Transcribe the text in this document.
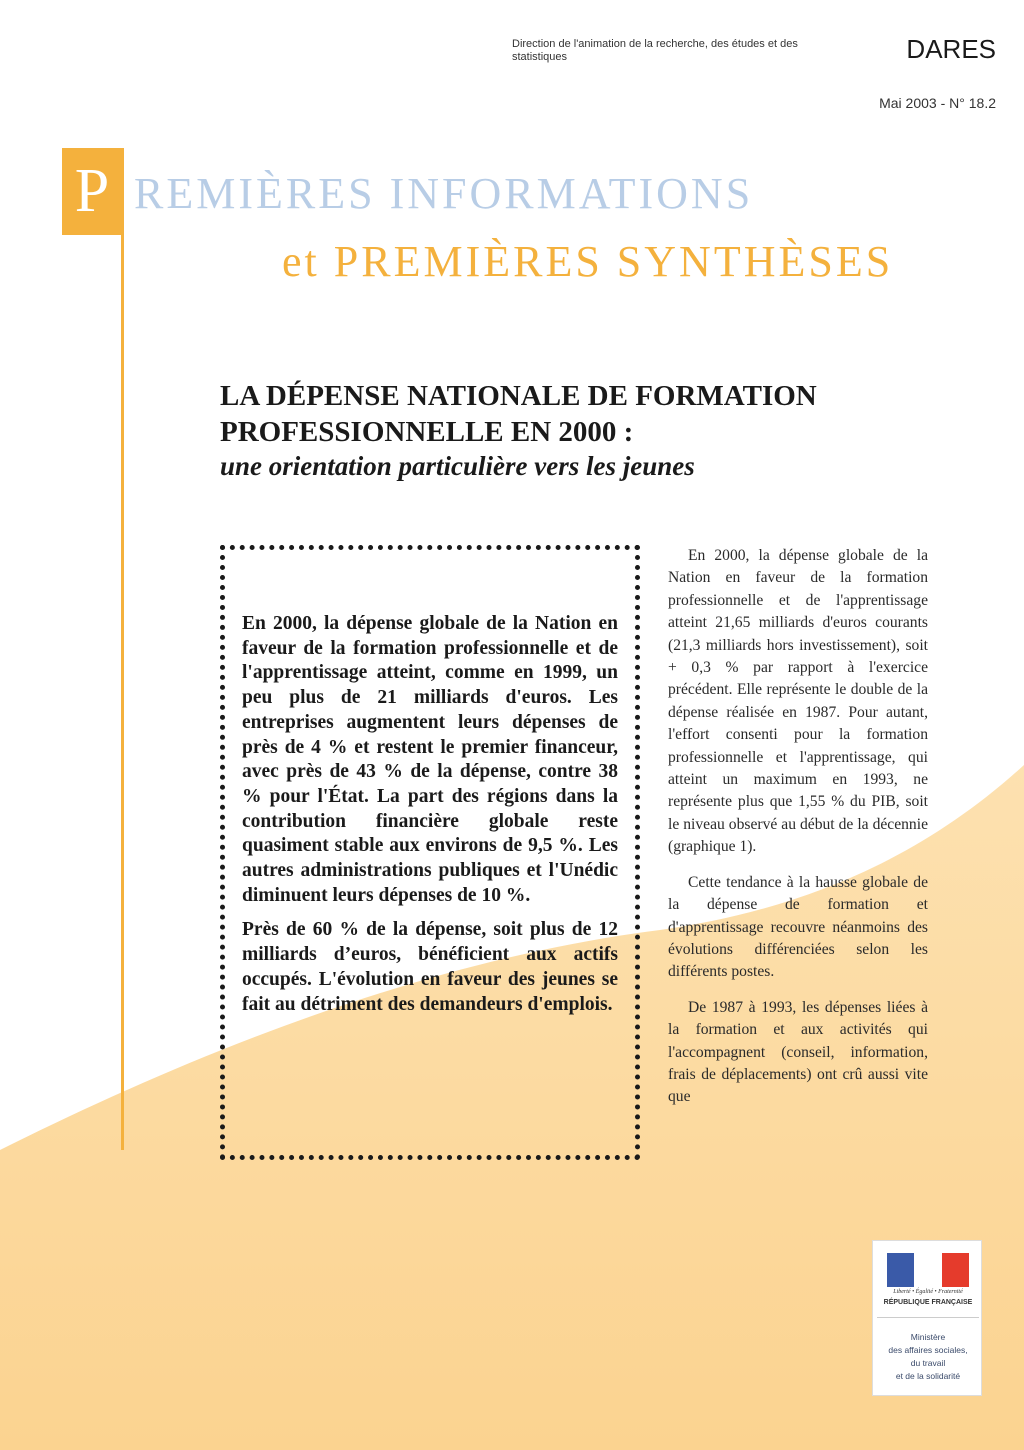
Direction de l'animation de la recherche, des études et des statistiques	DARES
Mai 2003 - N° 18.2
P REMIÈRES INFORMATIONS
et PREMIÈRES SYNTHÈSES
LA DÉPENSE NATIONALE DE FORMATION PROFESSIONNELLE EN 2000 :
une orientation particulière vers les jeunes

En 2000, la dépense globale de la Nation en faveur de la formation professionnelle et de l'apprentissage atteint, comme en 1999, un peu plus de 21 milliards d'euros. Les entreprises augmentent leurs dépenses de près de 4 % et restent le premier financeur, avec près de 43 % de la dépense, contre 38 % pour l'État. La part des régions dans la contribution financière globale reste quasiment stable aux environs de 9,5 %. Les autres administrations publiques et l'Unédic diminuent leurs dépenses de 10 %.

Près de 60 % de la dépense, soit plus de 12 milliards d’euros, bénéficient aux actifs occupés. L'évolution en faveur des jeunes se fait au détriment des demandeurs d'emplois.

En 2000, la dépense globale de la Nation en faveur de la formation professionnelle et de l'apprentissage atteint 21,65 milliards d'euros courants (21,3 milliards hors investissement), soit + 0,3 % par rapport à l'exercice précédent. Elle représente le double de la dépense réalisée en 1987. Pour autant, l'effort consenti pour la formation professionnelle et l'apprentissage, qui atteint un maximum en 1993, ne représente plus que 1,55 % du PIB, soit le niveau observé au début de la décennie (graphique 1).

Cette tendance à la hausse globale de la dépense de formation et d'apprentissage recouvre néanmoins des évolutions différenciées selon les différents postes.

De 1987 à 1993, les dépenses liées à la formation et aux activités qui l'accompagnent (conseil, information, frais de déplacements) ont crû aussi vite que

Liberté • Égalité • Fraternité
RÉPUBLIQUE FRANÇAISE
Ministère
des affaires sociales,
du travail
et de la solidarité
